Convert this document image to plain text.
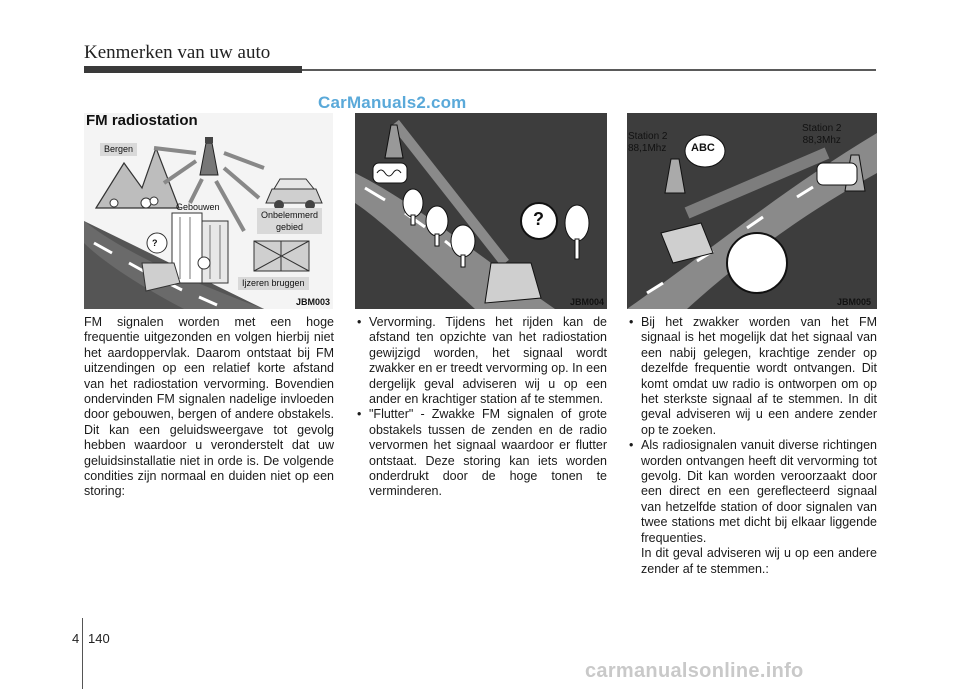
Kenmerken van uw auto
CarManuals2.com
Bergen
Gebouwen
Onbelemmerd
gebied
Ijzeren bruggen
?
JBM003
FM radiostation
?
JBM004
Station 2
88,1Mhz
Station 2
88,3Mhz
ABC
JBM005

FM signalen worden met een hoge frequentie uitgezonden en volgen hierbij niet het aardoppervlak. Daarom ontstaat bij FM uitzendingen op een relatief korte afstand van het radiostation vervorming. Bovendien ondervinden FM signalen nadelige invloeden door gebouwen, bergen of andere obstakels. Dit kan een geluidsweergave tot gevolg hebben waardoor u veronderstelt dat uw geluidsinstallatie niet in orde is. De volgende condities zijn normaal en duiden niet op een storing:

• Vervorming. Tijdens het rijden kan de afstand ten opzichte van het radiostation gewijzigd worden, het signaal wordt zwakker en er treedt vervorming op. In een dergelijk geval adviseren wij u op een ander en krachtiger station af te stemmen.

• "Flutter" - Zwakke FM signalen of grote obstakels tussen de zenden en de radio vervormen het signaal waardoor er flutter ontstaat. Deze storing kan iets worden onderdrukt door de hoge tonen te verminderen.

• Bij het zwakker worden van het FM signaal is het mogelijk dat het signaal van een nabij gelegen, krachtige zender op dezelfde frequentie wordt ontvangen. Dit komt omdat uw radio is ontworpen om op het sterkste signaal af te stemmen. In dit geval adviseren wij u een andere zender op te zoeken.

• Als radiosignalen vanuit diverse richtingen worden ontvangen heeft dit vervorming tot gevolg. Dit kan worden veroorzaakt door een direct en een gereflecteerd signaal van hetzelfde station of door signalen van twee stations met dicht bij elkaar liggende frequenties.

In dit geval adviseren wij u op een andere zender af te stemmen.:

4 140
carmanualsonline.info
